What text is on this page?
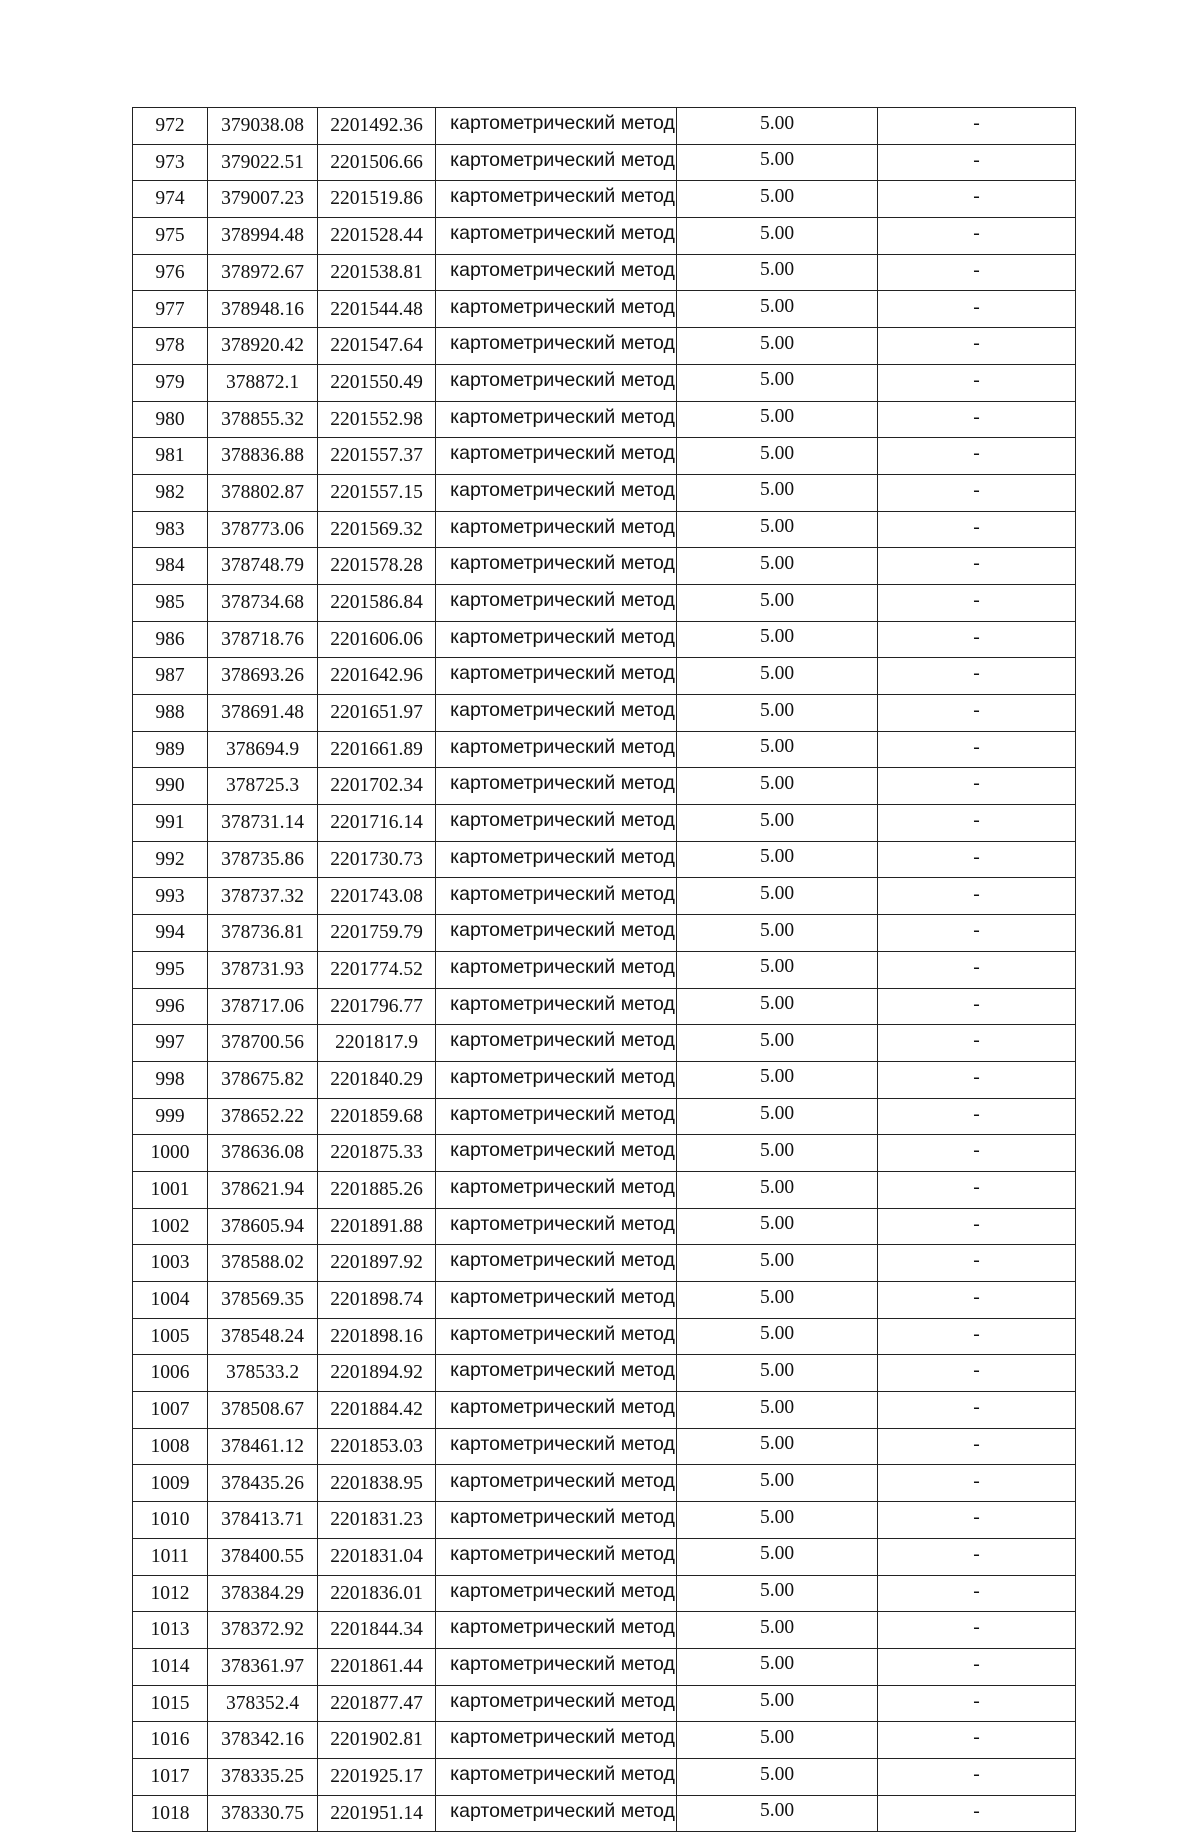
972	379038.08	2201492.36	картометрический метод	5.00	-
973	379022.51	2201506.66	картометрический метод	5.00	-
974	379007.23	2201519.86	картометрический метод	5.00	-
975	378994.48	2201528.44	картометрический метод	5.00	-
976	378972.67	2201538.81	картометрический метод	5.00	-
977	378948.16	2201544.48	картометрический метод	5.00	-
978	378920.42	2201547.64	картометрический метод	5.00	-
979	378872.1	2201550.49	картометрический метод	5.00	-
980	378855.32	2201552.98	картометрический метод	5.00	-
981	378836.88	2201557.37	картометрический метод	5.00	-
982	378802.87	2201557.15	картометрический метод	5.00	-
983	378773.06	2201569.32	картометрический метод	5.00	-
984	378748.79	2201578.28	картометрический метод	5.00	-
985	378734.68	2201586.84	картометрический метод	5.00	-
986	378718.76	2201606.06	картометрический метод	5.00	-
987	378693.26	2201642.96	картометрический метод	5.00	-
988	378691.48	2201651.97	картометрический метод	5.00	-
989	378694.9	2201661.89	картометрический метод	5.00	-
990	378725.3	2201702.34	картометрический метод	5.00	-
991	378731.14	2201716.14	картометрический метод	5.00	-
992	378735.86	2201730.73	картометрический метод	5.00	-
993	378737.32	2201743.08	картометрический метод	5.00	-
994	378736.81	2201759.79	картометрический метод	5.00	-
995	378731.93	2201774.52	картометрический метод	5.00	-
996	378717.06	2201796.77	картометрический метод	5.00	-
997	378700.56	2201817.9	картометрический метод	5.00	-
998	378675.82	2201840.29	картометрический метод	5.00	-
999	378652.22	2201859.68	картометрический метод	5.00	-
1000	378636.08	2201875.33	картометрический метод	5.00	-
1001	378621.94	2201885.26	картометрический метод	5.00	-
1002	378605.94	2201891.88	картометрический метод	5.00	-
1003	378588.02	2201897.92	картометрический метод	5.00	-
1004	378569.35	2201898.74	картометрический метод	5.00	-
1005	378548.24	2201898.16	картометрический метод	5.00	-
1006	378533.2	2201894.92	картометрический метод	5.00	-
1007	378508.67	2201884.42	картометрический метод	5.00	-
1008	378461.12	2201853.03	картометрический метод	5.00	-
1009	378435.26	2201838.95	картометрический метод	5.00	-
1010	378413.71	2201831.23	картометрический метод	5.00	-
1011	378400.55	2201831.04	картометрический метод	5.00	-
1012	378384.29	2201836.01	картометрический метод	5.00	-
1013	378372.92	2201844.34	картометрический метод	5.00	-
1014	378361.97	2201861.44	картометрический метод	5.00	-
1015	378352.4	2201877.47	картометрический метод	5.00	-
1016	378342.16	2201902.81	картометрический метод	5.00	-
1017	378335.25	2201925.17	картометрический метод	5.00	-
1018	378330.75	2201951.14	картометрический метод	5.00	-
